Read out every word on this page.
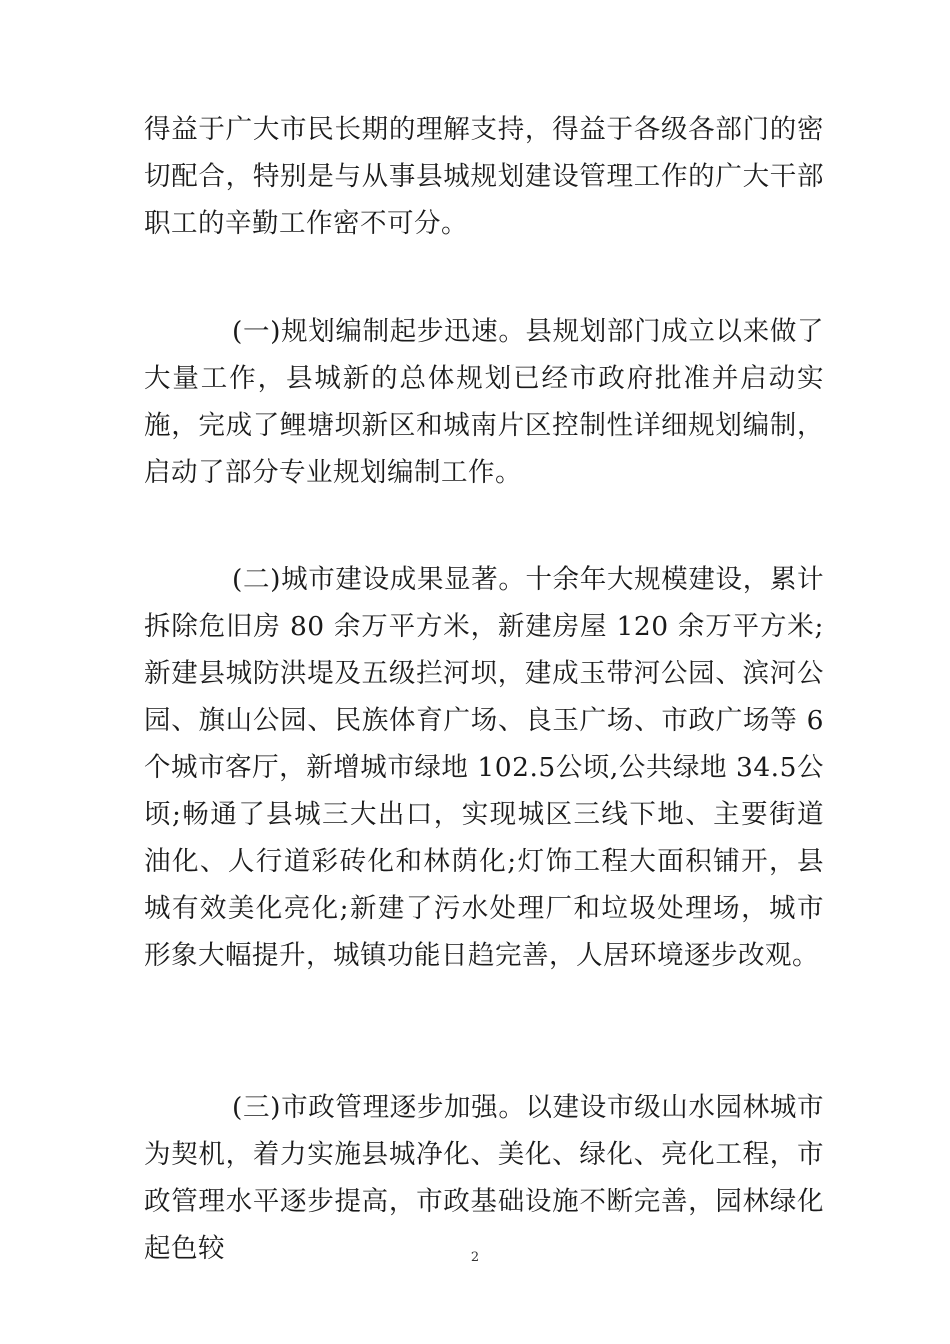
得益于广大市民长期的理解支持，得益于各级各部门的密切配合，特别是与从事县城规划建设管理工作的广大干部职工的辛勤工作密不可分。

(一)规划编制起步迅速。县规划部门成立以来做了大量工作，县城新的总体规划已经市政府批准并启动实施，完成了鲤塘坝新区和城南片区控制性详细规划编制，启动了部分专业规划编制工作。

(二)城市建设成果显著。十余年大规模建设，累计拆除危旧房 80 余万平方米，新建房屋 120 余万平方米;新建县城防洪堤及五级拦河坝，建成玉带河公园、滨河公园、旗山公园、民族体育广场、良玉广场、市政广场等 6 个城市客厅，新增城市绿地 102.5公顷,公共绿地 34.5公顷;畅通了县城三大出口，实现城区三线下地、主要街道油化、人行道彩砖化和林荫化;灯饰工程大面积铺开，县城有效美化亮化;新建了污水处理厂和垃圾处理场，城市形象大幅提升，城镇功能日趋完善，人居环境逐步改观。

(三)市政管理逐步加强。以建设市级山水园林城市为契机，着力实施县城净化、美化、绿化、亮化工程，市政管理水平逐步提高，市政基础设施不断完善，园林绿化起色较	2
